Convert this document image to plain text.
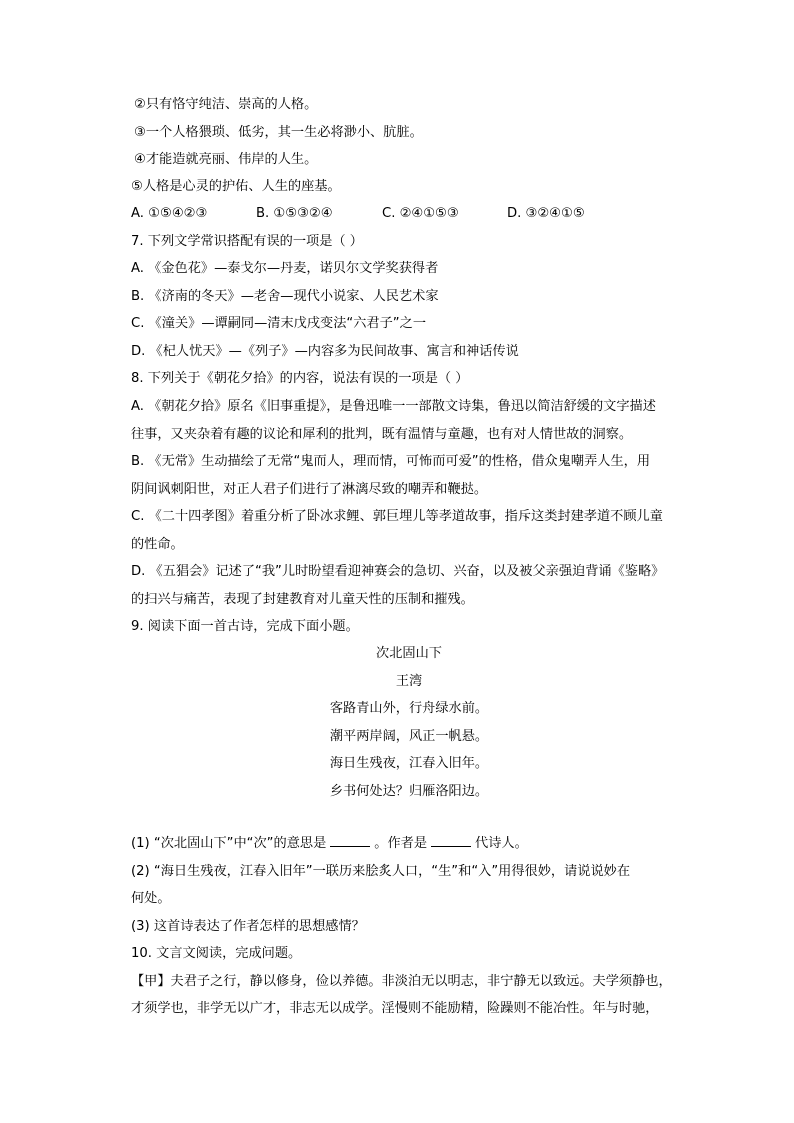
②只有恪守纯洁、崇高的人格。
③一个人格猥琐、低劣，其一生必将渺小、肮脏。
④才能造就亮丽、伟岸的人生。
⑤人格是心灵的护佑、人生的座基。
A. ①⑤④②③	B. ①⑤③②④	C. ②④①⑤③	D. ③②④①⑤
7. 下列文学常识搭配有误的一项是（ ）
A. 《金色花》—泰戈尔—丹麦，诺贝尔文学奖获得者
B. 《济南的冬天》—老舍—现代小说家、人民艺术家
C. 《潼关》—谭嗣同—清末戊戌变法“六君子”之一
D. 《杞人忧天》—《列子》—内容多为民间故事、寓言和神话传说
8. 下列关于《朝花夕拾》的内容，说法有误的一项是（ ）
A. 《朝花夕拾》原名《旧事重提》，是鲁迅唯一一部散文诗集，鲁迅以简洁舒缓的文字描述
往事，又夹杂着有趣的议论和犀利的批判，既有温情与童趣，也有对人情世故的洞察。
B. 《无常》生动描绘了无常“鬼而人，理而情，可怖而可爱”的性格，借众鬼嘲弄人生，用
阴间讽刺阳世，对正人君子们进行了淋漓尽致的嘲弄和鞭挞。
C. 《二十四孝图》着重分析了卧冰求鲤、郭巨埋儿等孝道故事，指斥这类封建孝道不顾儿童
的性命。
D. 《五猖会》记述了“我”儿时盼望看迎神赛会的急切、兴奋，以及被父亲强迫背诵《鉴略》
的扫兴与痛苦，表现了封建教育对儿童天性的压制和摧残。
9. 阅读下面一首古诗，完成下面小题。
次北固山下
王湾
客路青山外，行舟绿水前。
潮平两岸阔，风正一帆悬。
海日生残夜，江春入旧年。
乡书何处达？归雁洛阳边。
(1) “次北固山下”中“次”的意思是	。作者是	代诗人。
(2) “海日生残夜，江春入旧年”一联历来脍炙人口，“生”和“入”用得很妙，请说说妙在
何处。
(3) 这首诗表达了作者怎样的思想感情？
10. 文言文阅读，完成问题。
【甲】夫君子之行，静以修身，俭以养德。非淡泊无以明志，非宁静无以致远。夫学须静也，
才须学也，非学无以广才，非志无以成学。淫慢则不能励精，险躁则不能冶性。年与时驰，
